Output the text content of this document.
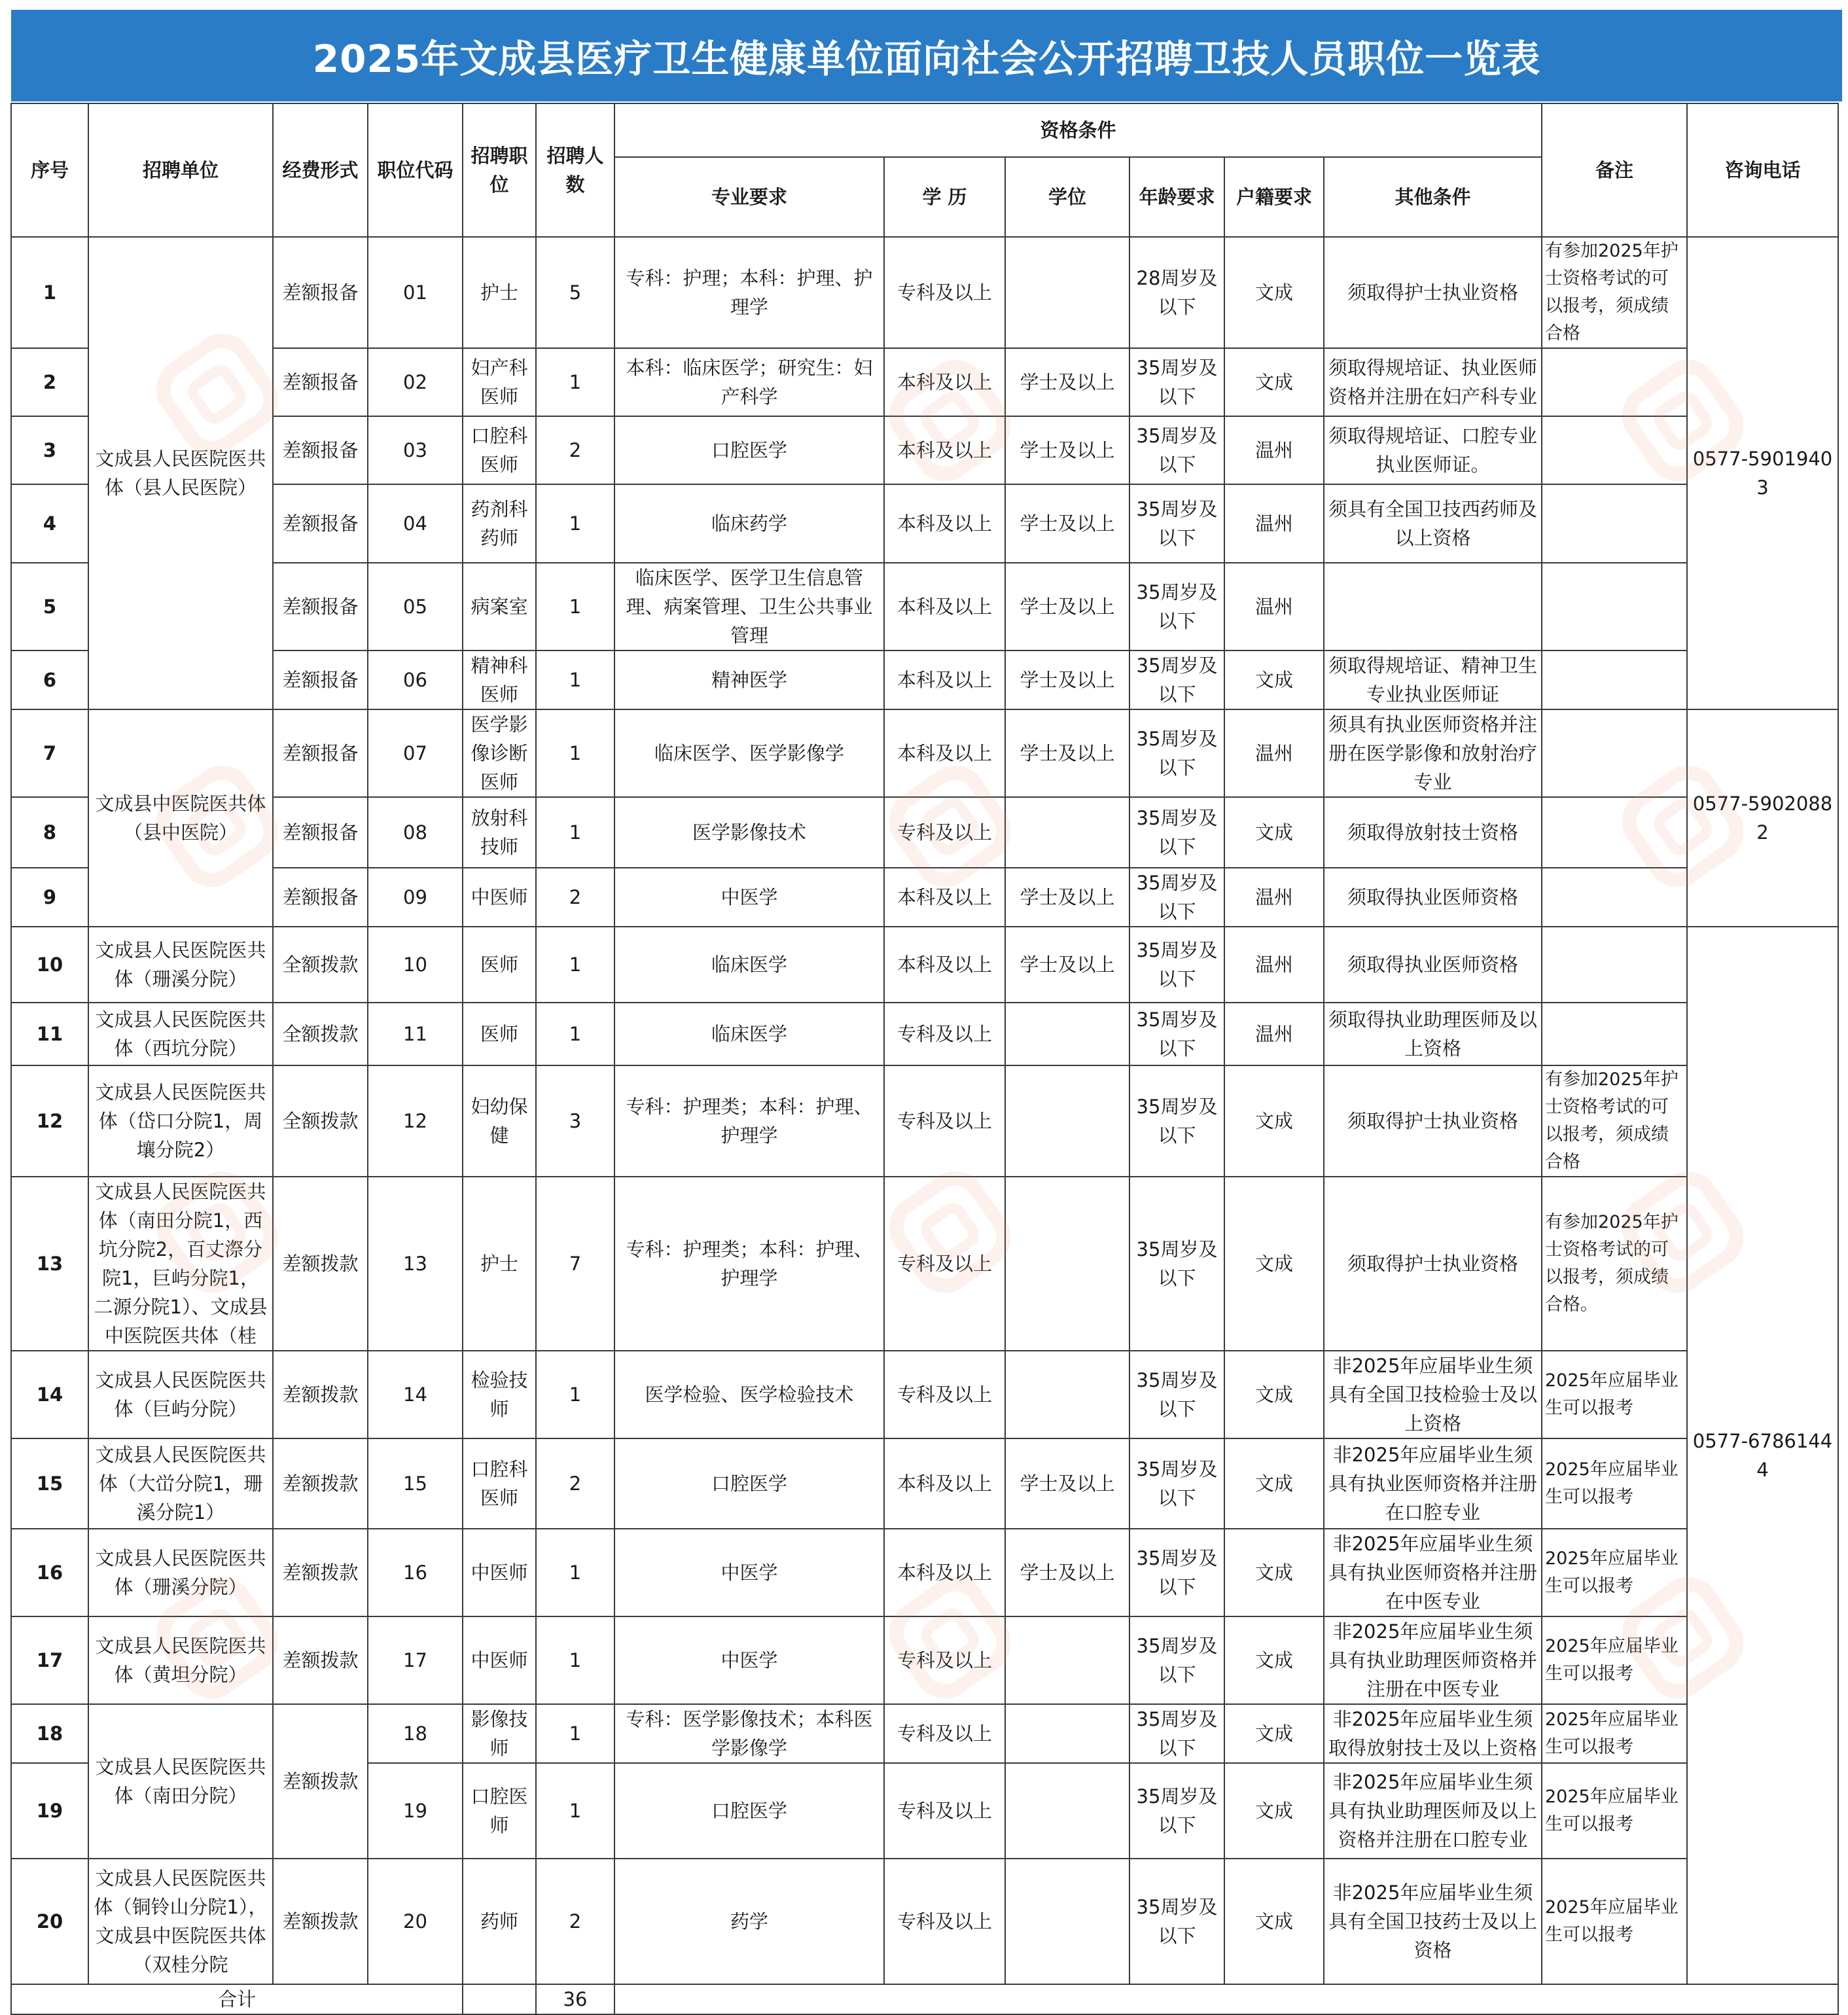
2025年文成县医疗卫生健康单位面向社会公开招聘卫技人员职位一览表
序号	招聘单位	经费形式	职位代码	招聘职位	招聘人数	资格条件						备注	咨询电话
						专业要求	学 历	学位	年龄要求	户籍要求	其他条件		
1	文成县人民医院医共体（县人民医院）	差额报备	01	护士	5	专科：护理；本科：护理、护理学	专科及以上		28周岁及以下	文成	须取得护士执业资格	有参加2025年护士资格考试的可以报考，须成绩合格	0577-59019403
2		差额报备	02	妇产科医师	1	本科：临床医学；研究生：妇产科学	本科及以上	学士及以上	35周岁及以下	文成	须取得规培证、执业医师资格并注册在妇产科专业		
3		差额报备	03	口腔科医师	2	口腔医学	本科及以上	学士及以上	35周岁及以下	温州	须取得规培证、口腔专业执业医师证。		
4		差额报备	04	药剂科药师	1	临床药学	本科及以上	学士及以上	35周岁及以下	温州	须具有全国卫技西药师及以上资格		
5		差额报备	05	病案室	1	临床医学、医学卫生信息管理、病案管理、卫生公共事业管理	本科及以上	学士及以上	35周岁及以下	温州			
6		差额报备	06	精神科医师	1	精神医学	本科及以上	学士及以上	35周岁及以下	文成	须取得规培证、精神卫生专业执业医师证		
7	文成县中医院医共体（县中医院）	差额报备	07	医学影像诊断医师	1	临床医学、医学影像学	本科及以上	学士及以上	35周岁及以下	温州	须具有执业医师资格并注册在医学影像和放射治疗专业		0577-59020882
8		差额报备	08	放射科技师	1	医学影像技术	专科及以上		35周岁及以下	文成	须取得放射技士资格		
9		差额报备	09	中医师	2	中医学	本科及以上	学士及以上	35周岁及以下	温州	须取得执业医师资格		
10	文成县人民医院医共体（珊溪分院）	全额拨款	10	医师	1	临床医学	本科及以上	学士及以上	35周岁及以下	温州	须取得执业医师资格		0577-67861444
11	文成县人民医院医共体（西坑分院）	全额拨款	11	医师	1	临床医学	专科及以上		35周岁及以下	温州	须取得执业助理医师及以上资格		
12	文成县人民医院医共体（岱口分院1，周壤分院2）	全额拨款	12	妇幼保健	3	专科：护理类；本科：护理、护理学	专科及以上		35周岁及以下	文成	须取得护士执业资格	有参加2025年护士资格考试的可以报考，须成绩合格	
13	文成县人民医院医共体（南田分院1，西坑分院2，百丈漈分院1，巨屿分院1，二源分院1）、文成县中医院医共体（桂	差额拨款	13	护士	7	专科：护理类；本科：护理、护理学	专科及以上		35周岁及以下	文成	须取得护士执业资格	有参加2025年护士资格考试的可以报考，须成绩合格。	
14	文成县人民医院医共体（巨屿分院）	差额拨款	14	检验技师	1	医学检验、医学检验技术	专科及以上		35周岁及以下	文成	非2025年应届毕业生须具有全国卫技检验士及以上资格	2025年应届毕业生可以报考	
15	文成县人民医院医共体（大峃分院1，珊溪分院1）	差额拨款	15	口腔科医师	2	口腔医学	本科及以上	学士及以上	35周岁及以下	文成	非2025年应届毕业生须具有执业医师资格并注册在口腔专业	2025年应届毕业生可以报考	
16	文成县人民医院医共体（珊溪分院）	差额拨款	16	中医师	1	中医学	本科及以上	学士及以上	35周岁及以下	文成	非2025年应届毕业生须具有执业医师资格并注册在中医专业	2025年应届毕业生可以报考	
17	文成县人民医院医共体（黄坦分院）	差额拨款	17	中医师	1	中医学	专科及以上		35周岁及以下	文成	非2025年应届毕业生须具有执业助理医师资格并注册在中医专业	2025年应届毕业生可以报考	
18	文成县人民医院医共体（南田分院）	差额拨款	18	影像技师	1	专科：医学影像技术；本科医学影像学	专科及以上		35周岁及以下	文成	非2025年应届毕业生须取得放射技士及以上资格	2025年应届毕业生可以报考	
19			19	口腔医师	1	口腔医学	专科及以上		35周岁及以下	文成	非2025年应届毕业生须具有执业助理医师及以上资格并注册在口腔专业	2025年应届毕业生可以报考	
20	文成县人民医院医共体（铜铃山分院1），文成县中医院医共体（双桂分院	差额拨款	20	药师	2	药学	专科及以上		35周岁及以下	文成	非2025年应届毕业生须具有全国卫技药士及以上资格	2025年应届毕业生可以报考	
合计					36								
